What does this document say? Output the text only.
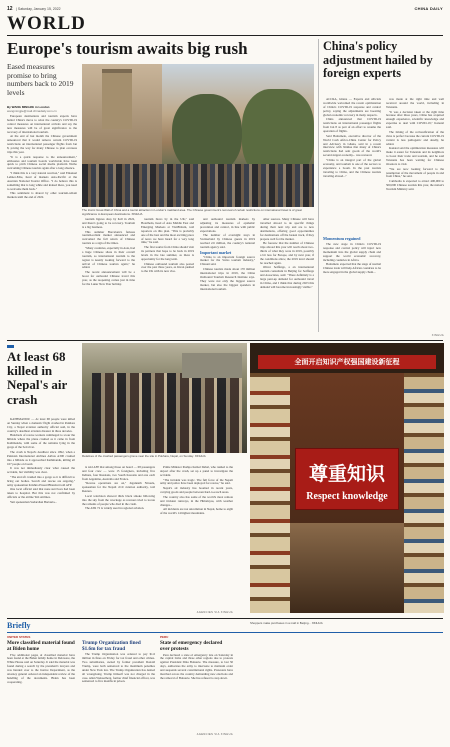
12 | Saturday, January 15, 2022	CHINA DAILY
WORLD
Europe's tourism awaits big rush
Eased measures promise to bring numbers back to 2019 levels
By WANG MINGJIE in London
wangmingjie@mail.chinadaily.com.cn

European destinations and tourism experts have hailed China's move to relax the country's COVID-19 control measures on international arrivals and say the new measures will be of great significance to the recovery of international tourism.

At the end of last month the Chinese government announced that it would remove certain COVID-19 restrictions on international passenger flights from Jan 8, paving the way for many Chinese to plan overseas trips this year.

"It is a quick response to the announcement," embassies and tourism boards worldwide have been quick to pitch Chinese social media platform Weibo welcoming Chinese tourists again after a long absence.

"I think this is a very natural reaction," said Emanuel Lehner-Edie, head of markets Asia-Pacific at the Austrian National Tourist Office. "I do believe this is something that is long while and indeed there, you need to welcome them back."

This sentiment is shared by other tourism-reliant markets until the end of 2022.

The Iconic Great Wall of China and a tourist attraction in London's mainland area. The Chinese government's removal of certain restrictions on international travel is of great significance to European destinations. XINHUA

tourism figures drop by half in 2022, and there's going to be recovery. Tourism is a big business.

This summer Barcelona's famous tourism-reliant market announced and welcomed the full return of Chinese tourists as a sign of the times.

"Many countries, especially in Asia, had a huge Chinese share in their overall tourism, so international tourism to the region is keenly looking forward to the arrival of Chinese tourists again," he added.

The recent announcement will be a boost for outbound Chinese travel this year, as the reopening comes just in time for the Lunar New Year holiday.

tourism flows by in the UK," said Hotelbeds, head of Asia Middle East and Emerging Markets at VisitBritain, told reporters on this plan. "This is probably one of the best and the most exciting piece of news we have heard for a very long time," he said.

The first tourist from China should visit its partners that hope to be back in 2019 levels in the late summer, as there is opportunity for the long term.

Chinese outbound tourism also posted over the past three years, as Kiran pushed to the UK with its new visa.

and outbound tourism markets by adjusting its measures of epidemic prevention and control, in line with public expectations.

The number of overnight stays in Switzerland by Chinese guests in 2019 reached 2.6 million, the country's national tourism agency said.

Important market

"China is an important foreign source market for the Swiss tourism industry," Chiaoni said.

Chinese tourists made about 170 million international trips in 2019, the China Outbound Tourism Research Institute says. They were not only the biggest source market, but also the biggest spenders in international tourism.

other sources. Many Chinese will have travelled abroad to do specific things during their next trip and are to new destinations, offering good opportunities for destinations off the beaten track, if they prepare well for the market.

He foresaw that the number of Chinese trips abroad this year will reach about two-thirds of what they were in 2019, possibly a bit less for Europe, and by next year, if the conditions allow, the 2019 level should be reached again.

Oliver Seifferge, a an international tourism consultant in Beijing for Seifferge and Associates, said: "There definitely is a large pent-up demand for outbound travel in China, and I think that during 2023 this demand will become increasingly visible."

China's policy adjustment hailed by foreign experts

ACCRA, Ghana — Experts and officials worldwide welcomed the recent optimization of China's COVID-19 response and control policy, saying the adjustments are boosting global economic recovery in many respects.

China announced that COVID-19 restrictions on international passenger flights from Jan 8 as part of an effort to resume the operation of flights.

Said Boitumelo, executive director of the World Cash Africa-China Center for Policy and Advisory in Ghana, said in a recent interview with Xinhua that many of China's restrictions had sent goods of the world's second-largest economy... was restored.

"China is an integral part of the global economy, and tourism is one of the sectors to experience a boom. In the past tourists traveling to China, and the Chinese tourists traveling abroad..."

was made at the right time and well received around the world, including in Tanzania.

"It was a decision taken at the right time because after three years, China has acquired enough experience, scientific knowledge and expertise to deal with COVID-19," Kanatal said.

The timing of the reclassification of the virus is perfect because the current COVID-19 variant is less pathogenic and deadly, he added.

Kanatal said the optimization measures will make it easier for Tanzania and its neighbors to boost their trade and tourism, and he said Tanzania has been waiting for Chinese investors to visit.

"We are now looking forward to the resumption of the movement of people in and from China," he said.

Cambodia is expected to attract 400,000 to 500,000 Chinese tourists this year, the nation's Tourism Ministry said.

Momentum regained

The new stage in China's COVID-19 response and control policy will inject new momentum into the global supply chain and support the world economic recovery, including countries in Africa.

Boitumelo expected that the stage of normal Chinese trade will help African countries to be more engaged in the global supply chain...

XINHUA
At least 68 killed in Nepal's air crash

KATHMANDU — At least 68 people were killed on Sunday when a domestic flight crashed in Pokhara City, a Nepal aviation authority official said, in the country's deadliest aviation disaster in three decades.

Hundreds of rescue workers rummaged to scour the hillside where the plane crashed as it came in from Kathmandu, with some of the remains lying in the gorge of the Seti river.

The crash is Nepal's deadliest since 1992, when a Pakistan International Airlines Airbus A300 crashed into a hillside as it approached Kathmandu, killing all 167 people on board.

It was not immediately clear what caused the accident, but visibility was clear.

"The aircraft crashed into a gorge so it is difficult to bring out bodies. Search and rescue are ongoing," army spokesman Krishna Prasad Bhandari told AFP.

One local official said that none survivors had been taken to hospital. But this was not confirmed by officials or the airline Yeti Airlines.

Yeti spokesman Sudarshan Bartaula...

Relatives of the crashed passengers grieve near the site in Pokhara, Nepal, on Sunday. XINHUA

is told AFP that among those on board — 68 passengers and four crew — were 15 foreigners, including five Indians, four Russians, two South Koreans and one each from Argentina, Australia and France.

"Rescue operations are on," Jagannath Niroula, spokesman for the Nepali civil aviation authority, told Reuters.

Local television showed thick black smoke billowing into the sky from the wreckage as rescuers tried to locate the remains of people who died in the crash.

The ATR 72 is widely used in regional aviation.

Prime Minister Pushpa Kamal Dahal, who rushed to the airport after the crash, set up a panel to investigate the accident.

"The incident was tragic. The full force of the Nepali army and police have been deployed for rescue," he said.

Nepal's air industry has boomed in recent years, carrying goods and people between hard-to-reach areas.

The country also has some of the world's most remote and trickiest runways, in the Himalayas, with weather changes...

All incidents are not uncommon in Nepal, home to eight of the world's 14 highest mountains.

AGENCIES VIA XINHUA
全面开启知识产权强国建设新征程
尊重知识
Respect knowledge
Briefly
UNITED STATES
More classified material found at Biden home
Five additional pages of classified material have been found at the Biden family home in Delaware, the White House said on Saturday. It said the material was found during a search by the president's lawyers and was handed over to the Justice Department, as the attorney general ordered an independent review of the handling of the documents. Biden has been cooperating.
Trump Organization fined $1.6m for tax fraud
The Trump Organization was ordered to pay $1.6 million in fines on Friday for tax fraud and other crimes. Two subsidiaries, owned by former president Donald Trump, were both sentenced to the maximum penalties under New York law. The Trump Organization has denied all wrongdoing. Trump himself was not charged in the case. Allen Weisselberg, former chief financial officer, was sentenced to five months in prison.
PERU
State of emergency declared over protests
Peru declared a state of emergency late on Saturday in the capital Lima and three other regions due to protests against President Dina Boluarte. The measure, to last 30 days, authorizes the army to intervene to maintain order and suspends several constitutional rights. Protesters have marched across the country demanding new elections and the removal of Boluarte. She has refused to step down.
AGENCIES VIA XINHUA
Shoppers make purchases in a mall in Beijing... XINHUA
